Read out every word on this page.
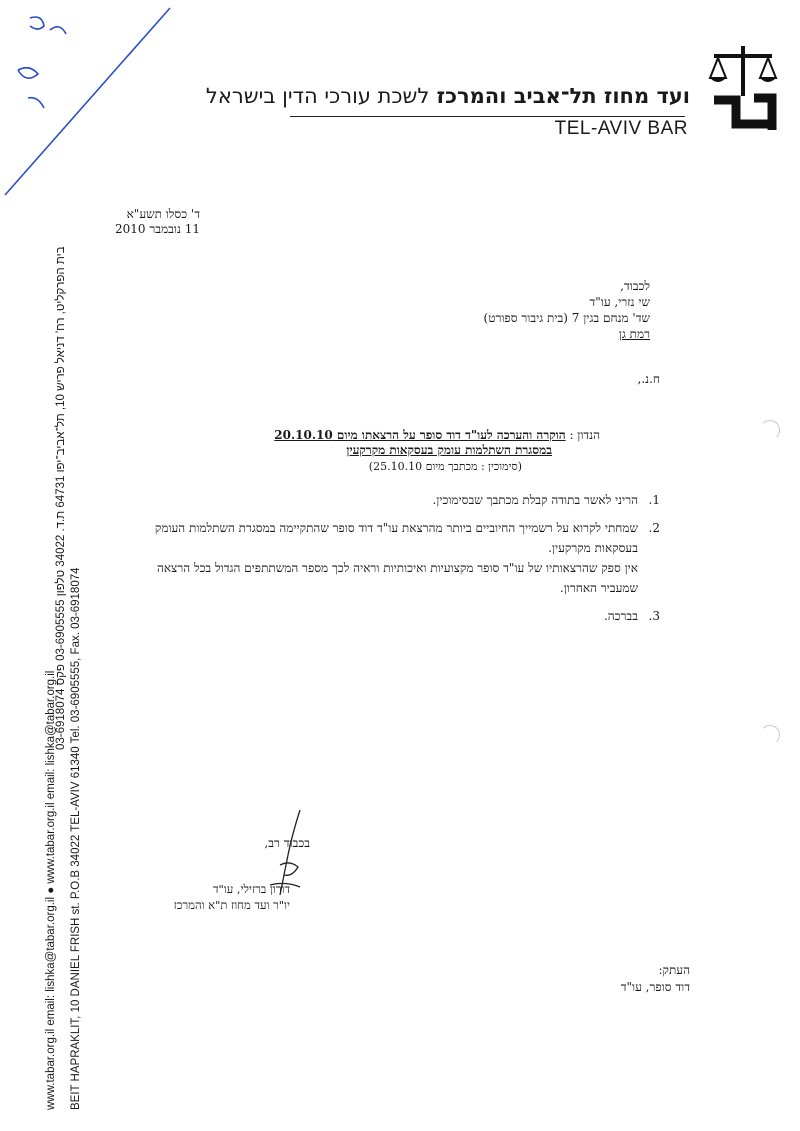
ועד מחוז תל־אביב והמרכז לשכת עורכי הדין בישראל
TEL-AVIV BAR
בית הפרקליט, רח' דניאל פריש 10, תל־אביב־יפו 64731 ת.ד. 34022 טלפון 03-6905555 פקס 03-6918074
BEIT HAPRAKLIT, 10 DANIEL FRISH st. P.O.B 34022 TEL-AVIV 61340 Tel. 03-6905555, Fax. 03-6918074
www.tabar.org.il email: lishka@tabar.org.il ● www.tabar.org.il email: lishka@tabar.org.il
ד' כסלו תשע"א
11 נובמבר 2010
לכבוד,
שי נזרי, עו"ד
שד' מנחם בגין 7 (בית גיבור ספורט)
רמת גן
ח.נ.,
הנדון : הוקרה והערכה לעו"ד דוד סופר על הרצאתו מיום 20.10.10
במסגרת השתלמות עומק בעסקאות מקרקעין
(סימוכין : מכתבך מיום 25.10.10)
1.
הריני לאשר בתודה קבלת מכתבך שבסימוכין.
2.
שמחתי לקרוא על רשמייך החיוביים ביותר מהרצאת עו"ד דוד סופר שהתקיימה במסגרת השתלמות העומק בעסקאות מקרקעין.
אין ספק שהרצאותיו של עו"ד סופר מקצועיות ואיכותיות וראיה לכך מספר המשתתפים הגדול בכל הרצאה שמעביר האחרון.
3.
בברכה.
בכבוד רב,
דורון ברזילי, עו"ד
יו"ר ועד מחוז ת"א והמרכז
העתק:
דוד סופר, עו"ד
